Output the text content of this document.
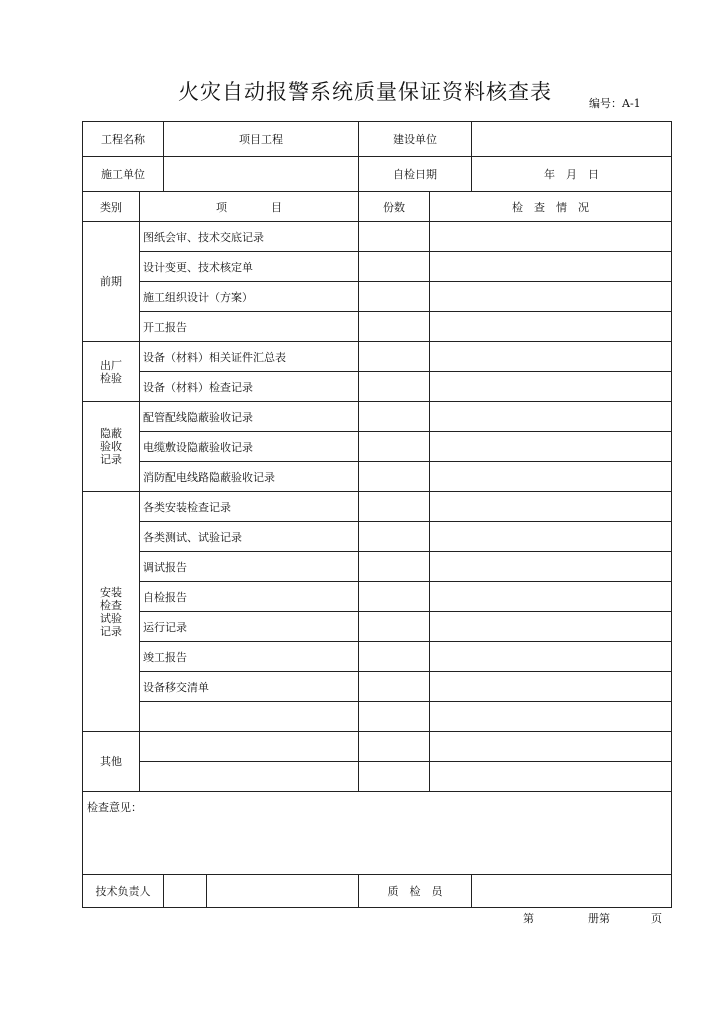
火灾自动报警系统质量保证资料核查表	编号：A-1
工程名称		项目工程	建设单位		
施工单位			自检日期		年　月　日
类别	项　　　　目		份数	检　查　情　况	

前期	图纸会审、技术交底记录				
	设计变更、技术核定单				
	施工组织设计（方案）				
	开工报告				

出厂
检验	设备（材料）相关证件汇总表				
	设备（材料）检查记录				

隐蔽
验收
记录	配管配线隐蔽验收记录				
	电缆敷设隐蔽验收记录				
	消防配电线路隐蔽验收记录				

安装
检查
试验
记录	各类安装检查记录				
	各类测试、试验记录				
	调试报告				
	自检报告				
	运行记录				
	竣工报告				
	设备移交清单				

其他					

检查意见：					
技术负责人			质　检　员		
第	册第	页
